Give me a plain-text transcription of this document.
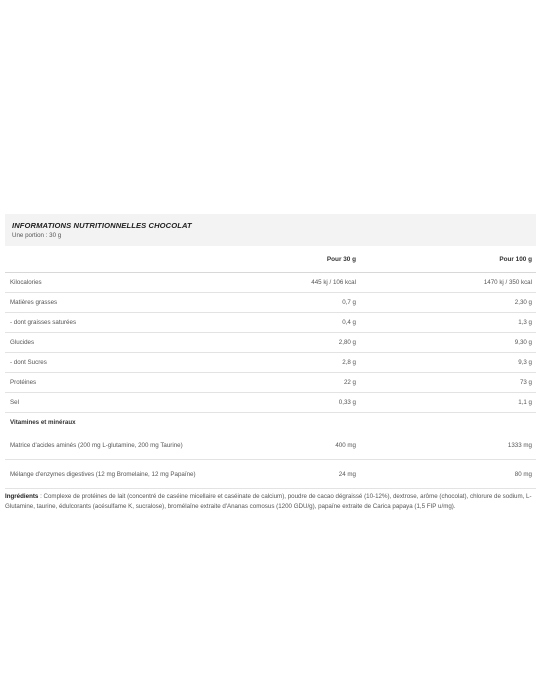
INFORMATIONS NUTRITIONNELLES CHOCOLAT
Une portion : 30 g
	Pour 30 g	Pour 100 g
Kilocalories	445 kj / 106 kcal	1470 kj / 350 kcal
Matières grasses	0,7 g	2,30 g
- dont graisses saturées	0,4 g	1,3 g
Glucides	2,80 g	9,30 g
- dont Sucres	2,8 g	9,3 g
Protéines	22 g	73 g
Sel	0,33 g	1,1 g
Vitamines et minéraux		
Matrice d'acides aminés (200 mg L-glutamine, 200 mg Taurine)	400 mg	1333 mg
Mélange d'enzymes digestives (12 mg Bromelaine, 12 mg Papaïne)	24 mg	80 mg
Ingrédients : Complexe de protéines de lait (concentré de caséine micellaire et caséinate de calcium), poudre de cacao dégraissé (10-12%), dextrose, arôme (chocolat), chlorure de sodium, L-Glutamine, taurine, édulcorants (acésulfame K, sucralose), bromélaïne extraite d'Ananas comosus (1200 GDU/g), papaïne extraite de Carica papaya (1,5 FIP u/mg).
